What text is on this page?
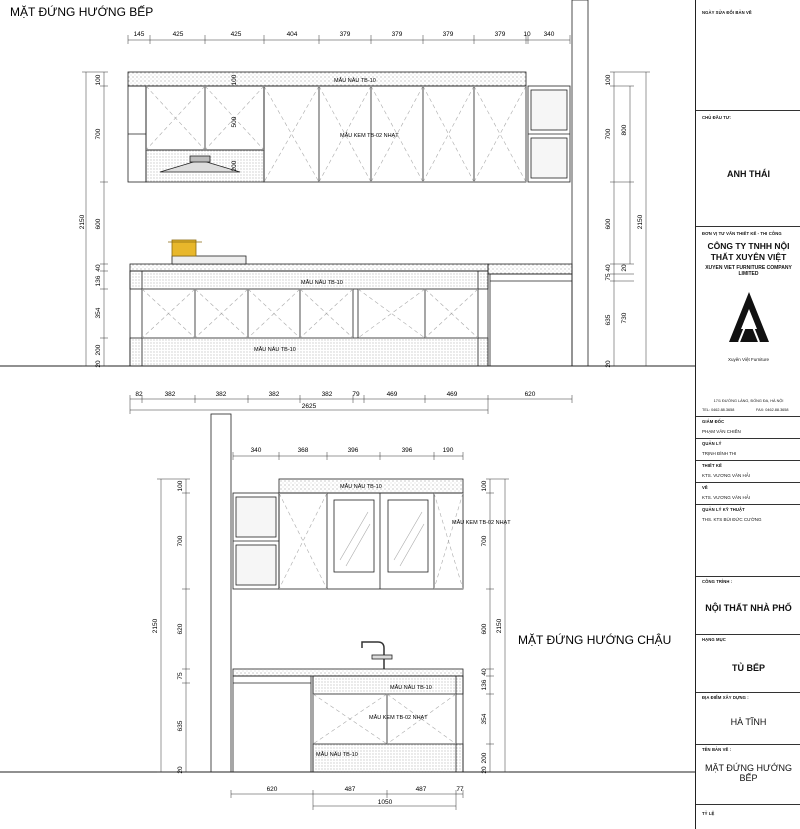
MẶT ĐỨNG HƯỚNG BẾP
MẶT ĐỨNG HƯỚNG CHẬU
MẪU NÂU TB-10
MẪU KEM TB-02 NHẠT
MẪU NÂU TB-10
MẪU NÂU TB-10
145	425	425	404	379	379	379	379	10 340
82	382	382	382	382	79	469	469	620
2625
2150
100
700
600
40
136
354
200
20
100
500
200
100
700
600
40
75
635
20
800
2150
20
730
MẪU NÂU TB-10
MẪU KEM TB-02 NHẠT
MẪU NÂU TB-10
MẪU KEM TB-02 NHẠT
MẪU NÂU TB-10
340	368	396	396	190
620	487	487	77
1050
2150
100
700
620
75
635
20
100
700
600
40
136
354
200
20
2150
NGÀY SỬA ĐỔI BẢN VẼ
CHỦ ĐẦU TƯ:
ANH THÁI
ĐƠN VỊ TƯ VẤN THIẾT KẾ - THI CÔNG
CÔNG TY TNHH NỘI THẤT XUYÊN VIỆT
XUYEN VIET FURNITURE COMPANY LIMITED
Xuyên Việt Furniture
17/1 ĐƯỜNG LÁNG, ĐỐNG ĐA, HÀ NỘI
TEL: 0462.88.3658	FAX: 0462.88.3658
GIÁM ĐỐC
PHẠM VĂN CHIẾN
QUẢN LÝ
TRỊNH ĐÌNH THI
THIẾT KẾ
KTS. VƯƠNG VĂN HẢI
VẼ
KTS. VƯƠNG VĂN HẢI
QUẢN LÝ KỸ THUẬT
THS. KTS BÙI ĐỨC CƯỜNG
CÔNG TRÌNH :
NỘI THẤT NHÀ PHỐ
HẠNG MỤC
TỦ BẾP
ĐỊA ĐIỂM XÂY DỰNG :
HÀ TĨNH
TÊN BẢN VẼ :
MẶT ĐỨNG HƯỚNG BẾP
TỶ LỆ
